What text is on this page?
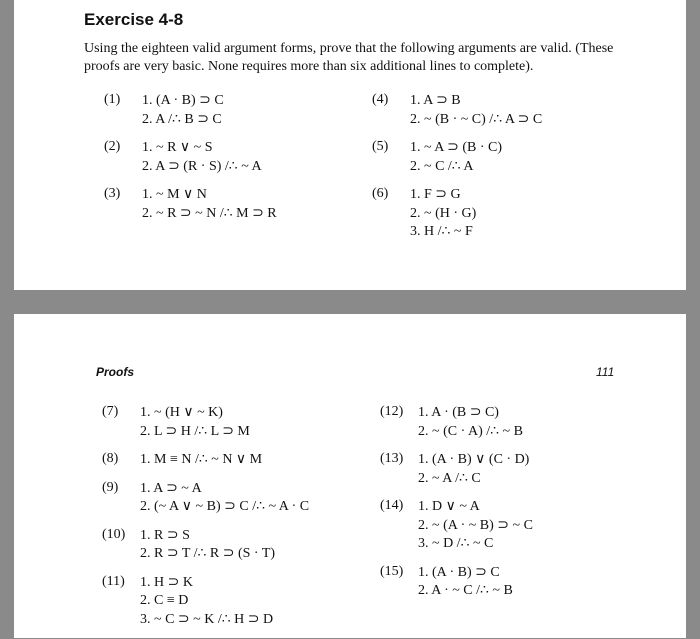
Exercise 4-8
Using the eighteen valid argument forms, prove that the following arguments are valid. (These proofs are very basic. None requires more than six additional lines to complete).
(1)	1. (A · B) ⊃ C
2. A /∴ B ⊃ C
(2)	1. ~ R ∨ ~ S
2. A ⊃ (R · S) /∴ ~ A
(3)	1. ~ M ∨ N
2. ~ R ⊃ ~ N /∴ M ⊃ R
(4)	1. A ⊃ B
2. ~ (B · ~ C) /∴ A ⊃ C
(5)	1. ~ A ⊃ (B · C)
2. ~ C /∴ A
(6)	1. F ⊃ G
2. ~ (H · G)
3. H /∴ ~ F
Proofs	111
(7)	1. ~ (H ∨ ~ K)
2. L ⊃ H /∴ L ⊃ M
(8)	1. M ≡ N /∴ ~ N ∨ M
(9)	1. A ⊃ ~ A
2. (~ A ∨ ~ B) ⊃ C /∴ ~ A · C
(10)	1. R ⊃ S
2. R ⊃ T /∴ R ⊃ (S · T)
(11)	1. H ⊃ K
2. C ≡ D
3. ~ C ⊃ ~ K /∴ H ⊃ D
(12)	1. A · (B ⊃ C)
2. ~ (C · A) /∴ ~ B
(13)	1. (A · B) ∨ (C · D)
2. ~ A /∴ C
(14)	1. D ∨ ~ A
2. ~ (A · ~ B) ⊃ ~ C
3. ~ D /∴ ~ C
(15)	1. (A · B) ⊃ C
2. A · ~ C /∴ ~ B
